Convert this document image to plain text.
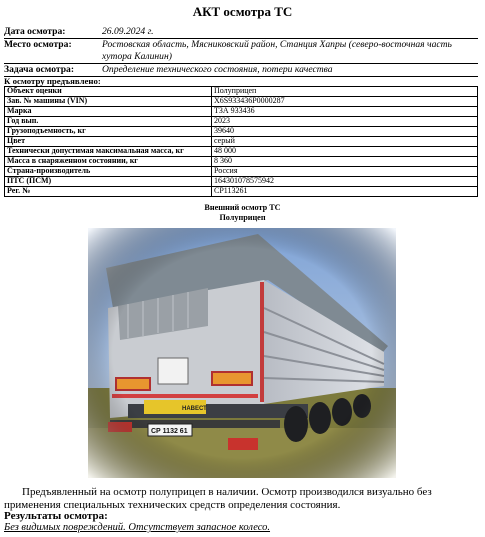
АКТ осмотра ТС
Дата осмотра:	26.09.2024 г.
Место осмотра:	Ростовская область, Мясниковский район, Станция Хапры (северо-восточная часть хутора Калинин)
Задача осмотра:	Определение технического состояния, потери качества
К осмотру предъявлено:
Объект оценки	Полуприцеп
Зав. № машины (VIN)	X6S933436P0000287
Марка	ТЗА 933436
Год вып.	2023
Грузоподъемность, кг	39640
Цвет	серый
Технически допустимая максимальная масса, кг	48 000
Масса в снаряженном состоянии, кг	8 360
Страна-производитель	Россия
ПТС (ПСМ)	164301078575942
Рег. №	СР113261
Внешний осмотр ТС
Полуприцеп
Предъявленный на осмотр полуприцеп в наличии. Осмотр производился визуально без применения специальных технических средств определения состояния.
Результаты осмотра:
Без видимых повреждений. Отсутствует запасное колесо.
